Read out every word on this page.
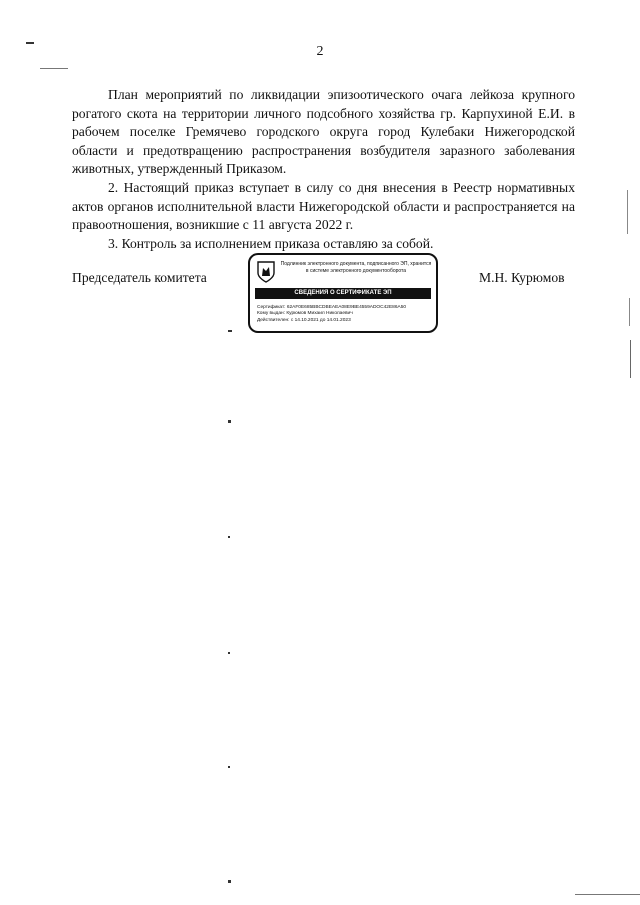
2

План мероприятий по ликвидации эпизоотического очага лейкоза крупного рогатого скота на территории личного подсобного хозяйства гр. Карпухиной Е.И. в рабочем поселке Гремячево городского округа город Кулебаки Нижегородской области и предотвращению распространения возбудителя заразного заболевания животных, утвержденный Приказом.

2. Настоящий приказ вступает в силу со дня внесения в Реестр нормативных актов органов исполнительной власти Нижегородской области и распространяется на правоотношения, возникшие с 11 августа 2022 г.

3. Контроль за исполнением приказа оставляю за собой.

Председатель комитета
Подлинник электронного документа, подписанного ЭП, хранится в системе электронного документооборота
СВЕДЕНИЯ О СЕРТИФИКАТЕ ЭП
Сертификат: 62AF0E685BBCDBEAEA08E9BE4559ADOC42E86A50
Кому выдан: Курюмов Михаил Николаевич
Действителен: с 14.10.2021 до 14.01.2023
М.Н. Курюмов
